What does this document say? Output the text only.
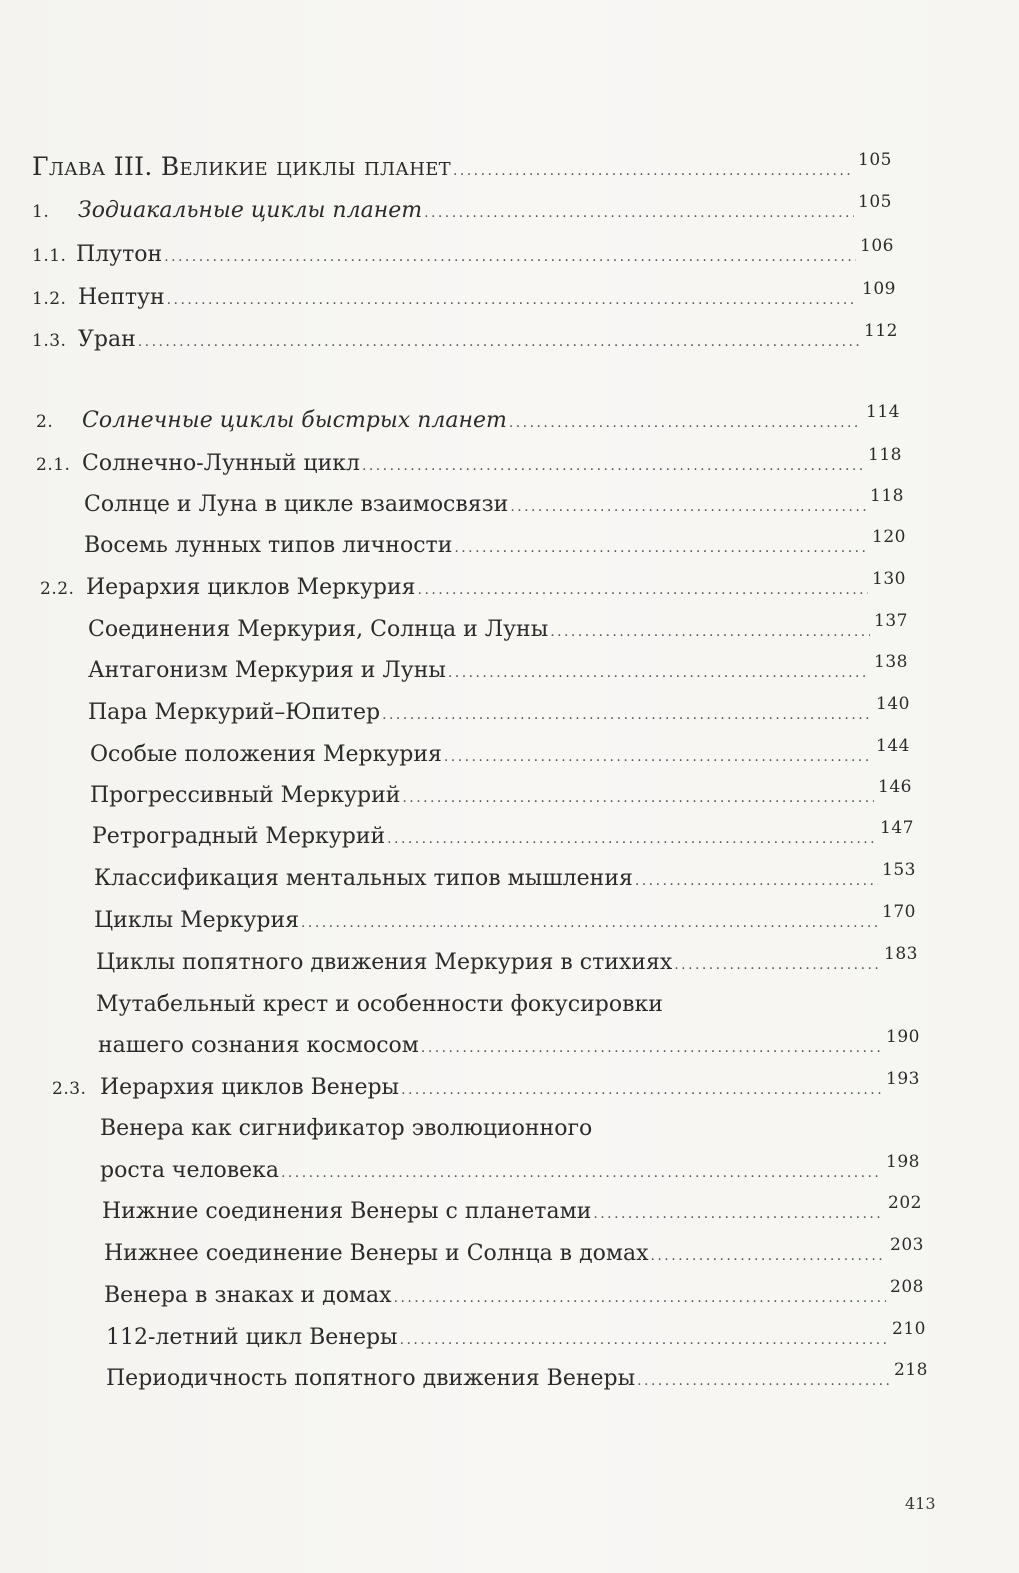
Глава III. Великие циклы планет . . .	105
1.	Зодиакальные циклы планет . . .	105
1.1. Плутон . . .	106
1.2. Нептун . . .	109
1.3. Уран . . .	112
2.	Солнечные циклы быстрых планет . . .	114
2.1. Солнечно-Лунный цикл . . .	118
Солнце и Луна в цикле взаимосвязи . . .	118
Восемь лунных типов личности . . .	120
2.2. Иерархия циклов Меркурия . . .	130
Соединения Меркурия, Солнца и Луны . . .	137
Антагонизм Меркурия и Луны . . .	138
Пара Меркурий–Юпитер . . .	140
Особые положения Меркурия . . .	144
Прогрессивный Меркурий . . .	146
Ретроградный Меркурий . . .	147
Классификация ментальных типов мышления . . .	153
Циклы Меркурия . . .	170
Циклы попятного движения Меркурия в стихиях . . .	183
Мутабельный крест и особенности фокусировки
нашего сознания космосом . . .	190
2.3. Иерархия циклов Венеры . . .	193
Венера как сигнификатор эволюционного
роста человека . . .	198
Нижние соединения Венеры с планетами . . .	202
Нижнее соединение Венеры и Солнца в домах . . .	203
Венера в знаках и домах . . .	208
112-летний цикл Венеры . . .	210
Периодичность попятного движения Венеры . . .	218
413
